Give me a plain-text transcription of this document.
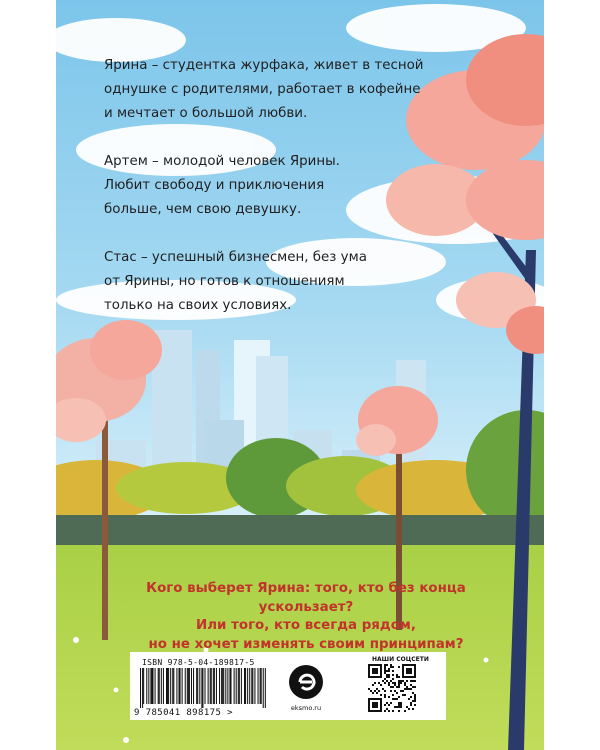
Ярина – студентка журфака, живет в тесной
однушке с родителями, работает в кофейне
и мечтает о большой любви.
Артем – молодой человек Ярины.
Любит свободу и приключения
больше, чем свою девушку.
Стас – успешный бизнесмен, без ума
от Ярины, но готов к отношениям
только на своих условиях.
Кого выберет Ярина: того, кто без конца ускользает?
Или того, кто всегда рядом,
но не хочет изменять своим принципам?
ISBN 978-5-04-189817-5
9 785041 898175 >	eksmo.ru
НАШИ СОЦСЕТИ
